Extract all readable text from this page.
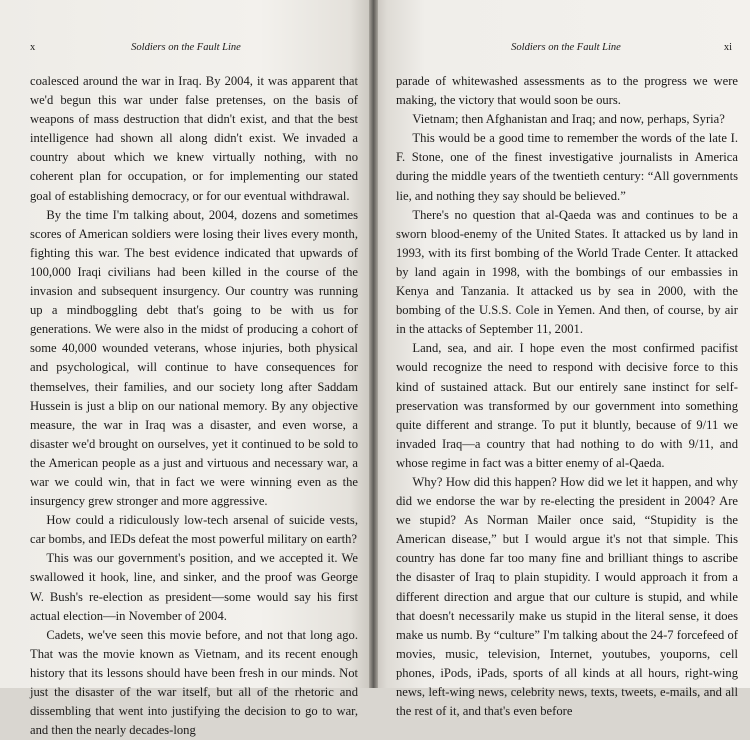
x	Soldiers on the Fault Line

coalesced around the war in Iraq. By 2004, it was apparent that we'd begun this war under false pretenses, on the basis of weapons of mass destruction that didn't exist, and that the best intelligence had shown all along didn't exist. We invaded a country about which we knew virtually nothing, with no coherent plan for occupation, or for implementing our stated goal of establishing democracy, or for our eventual withdrawal.

By the time I'm talking about, 2004, dozens and sometimes scores of American soldiers were losing their lives every month, fighting this war. The best evidence indicated that upwards of 100,000 Iraqi civilians had been killed in the course of the invasion and subsequent insurgency. Our country was running up a mindboggling debt that's going to be with us for generations. We were also in the midst of producing a cohort of some 40,000 wounded veterans, whose injuries, both physical and psychological, will continue to have consequences for themselves, their families, and our society long after Saddam Hussein is just a blip on our national memory. By any objective measure, the war in Iraq was a disaster, and even worse, a disaster we'd brought on ourselves, yet it continued to be sold to the American people as a just and virtuous and necessary war, a war we could win, that in fact we were winning even as the insurgency grew stronger and more aggressive.

How could a ridiculously low-tech arsenal of suicide vests, car bombs, and IEDs defeat the most powerful military on earth?

This was our government's position, and we accepted it. We swallowed it hook, line, and sinker, and the proof was George W. Bush's re-election as president—some would say his first actual election—in November of 2004.

Cadets, we've seen this movie before, and not that long ago. That was the movie known as Vietnam, and its recent enough history that its lessons should have been fresh in our minds. Not just the disaster of the war itself, but all of the rhetoric and dissembling that went into justifying the decision to go to war, and then the nearly decades-long

Soldiers on the Fault Line	xi

parade of whitewashed assessments as to the progress we were making, the victory that would soon be ours.

Vietnam; then Afghanistan and Iraq; and now, perhaps, Syria?

This would be a good time to remember the words of the late I. F. Stone, one of the finest investigative journalists in America during the middle years of the twentieth century: “All governments lie, and nothing they say should be believed.”

There's no question that al-Qaeda was and continues to be a sworn blood-enemy of the United States. It attacked us by land in 1993, with its first bombing of the World Trade Center. It attacked by land again in 1998, with the bombings of our embassies in Kenya and Tanzania. It attacked us by sea in 2000, with the bombing of the U.S.S. Cole in Yemen. And then, of course, by air in the attacks of September 11, 2001.

Land, sea, and air. I hope even the most confirmed pacifist would recognize the need to respond with decisive force to this kind of sustained attack. But our entirely sane instinct for self-preservation was transformed by our government into something quite different and strange. To put it bluntly, because of 9/11 we invaded Iraq—a country that had nothing to do with 9/11, and whose regime in fact was a bitter enemy of al-Qaeda.

Why? How did this happen? How did we let it happen, and why did we endorse the war by re-electing the president in 2004? Are we stupid? As Norman Mailer once said, “Stupidity is the American disease,” but I would argue it's not that simple. This country has done far too many fine and brilliant things to ascribe the disaster of Iraq to plain stupidity. I would approach it from a different direction and argue that our culture is stupid, and while that doesn't necessarily make us stupid in the literal sense, it does make us numb. By “culture” I'm talking about the 24-7 forcefeed of movies, music, television, Internet, youtubes, youporns, cell phones, iPods, iPads, sports of all kinds at all hours, right-wing news, left-wing news, celebrity news, texts, tweets, e-mails, and all the rest of it, and that's even before
